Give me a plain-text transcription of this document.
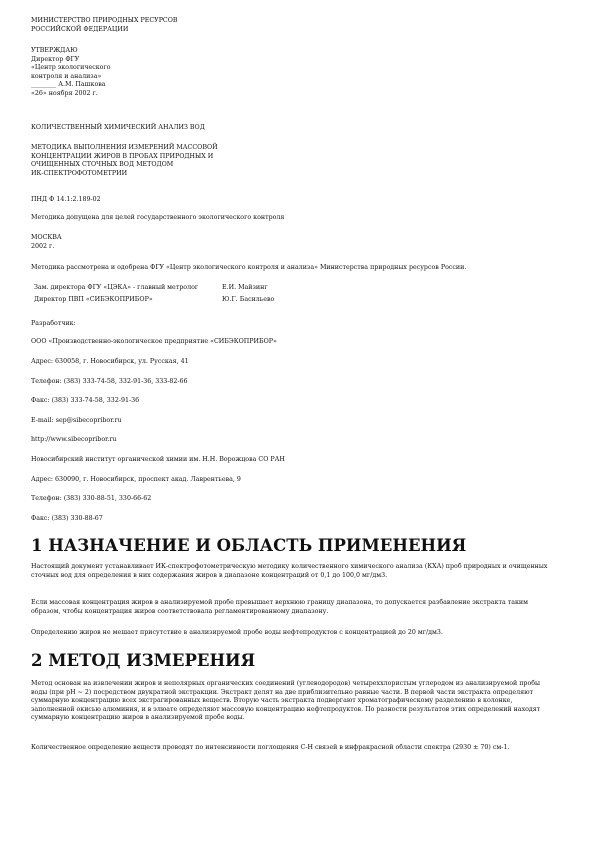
МИНИСТЕРСТВО ПРИРОДНЫХ РЕСУРСОВ
РОССИЙСКОЙ ФЕДЕРАЦИИ
УТВЕРЖДАЮ
Директор ФГУ
«Центр экологического
контроля и анализа»
________ А.М. Пашкова
«26» ноября 2002 г.
КОЛИЧЕСТВЕННЫЙ ХИМИЧЕСКИЙ АНАЛИЗ ВОД
МЕТОДИКА ВЫПОЛНЕНИЯ ИЗМЕРЕНИЙ МАССОВОЙ
КОНЦЕНТРАЦИИ ЖИРОВ В ПРОБАХ ПРИРОДНЫХ И
ОЧИЩЕННЫХ СТОЧНЫХ ВОД МЕТОДОМ
ИК-СПЕКТРОФОТОМЕТРИИ
ПНД Ф 14.1:2.189-02
Методика допущена для целей государственного экологического контроля
МОСКВА
2002 г.
Методика рассмотрена и одобрена ФГУ «Центр экологического контроля и анализа» Министерства природных ресурсов России.
Зам. директора ФГУ «ЦЭКА» - главный метролог	Е.И. Майзинг
Директор ПВП «СИБЭКОПРИБОР»	Ю.Г. Басильево
Разработчик:
ООО «Производственно-экологическое предприятие «СИБЭКОПРИБОР»
Адрес: 630058, г. Новосибирск, ул. Русская, 41
Телефон: (383) 333-74-58, 332-91-36, 333-82-66
Факс: (383) 333-74-58, 332-91-36
E-mail: sep@sibecopribor.ru
http://www.sibecopribor.ru
Новосибирский институт органической химии им. Н.Н. Ворожцова СО РАН
Адрес: 630090, г. Новосибирск, проспект акад. Лаврентьева, 9
Телефон: (383) 330-88-51, 330-66-62
Факс: (383) 330-88-67
1 НАЗНАЧЕНИЕ И ОБЛАСТЬ ПРИМЕНЕНИЯ
Настоящий документ устанавливает ИК-спектрофотометрическую методику количественного химического анализа (КХА) проб природных и очищенных сточных вод для определения в них содержания жиров в диапазоне концентраций от 0,1 до 100,0 мг/дм3.
Если массовая концентрация жиров в анализируемой пробе превышает верхнюю границу диапазона, то допускается разбавление экстракта таким образом, чтобы концентрация жиров соответствовала регламентированному диапазону.
Определению жиров не мешает присутствие в анализируемой пробе воды нефтепродуктов с концентрацией до 20 мг/дм3.
2 МЕТОД ИЗМЕРЕНИЯ
Метод основан на извлечении жиров и неполярных органических соединений (углеводородов) четыреххлористым углеродом из анализируемой пробы воды (при pH ~ 2) посредством двукратной экстракции. Экстракт делят на две приблизительно равные части. В первой части экстракта определяют суммарную концентрацию всех экстрагированных веществ. Вторую часть экстракта подвергают хроматографическому разделению в колонке, заполненной окисью алюминия, и в элюате определяют массовую концентрацию нефтепродуктов. По разности результатов этих определений находят суммарную концентрацию жиров в анализируемой пробе воды.
Количественное определение веществ проводят по интенсивности поглощения С-Н связей в инфракрасной области спектра (2930 ± 70) см-1.
